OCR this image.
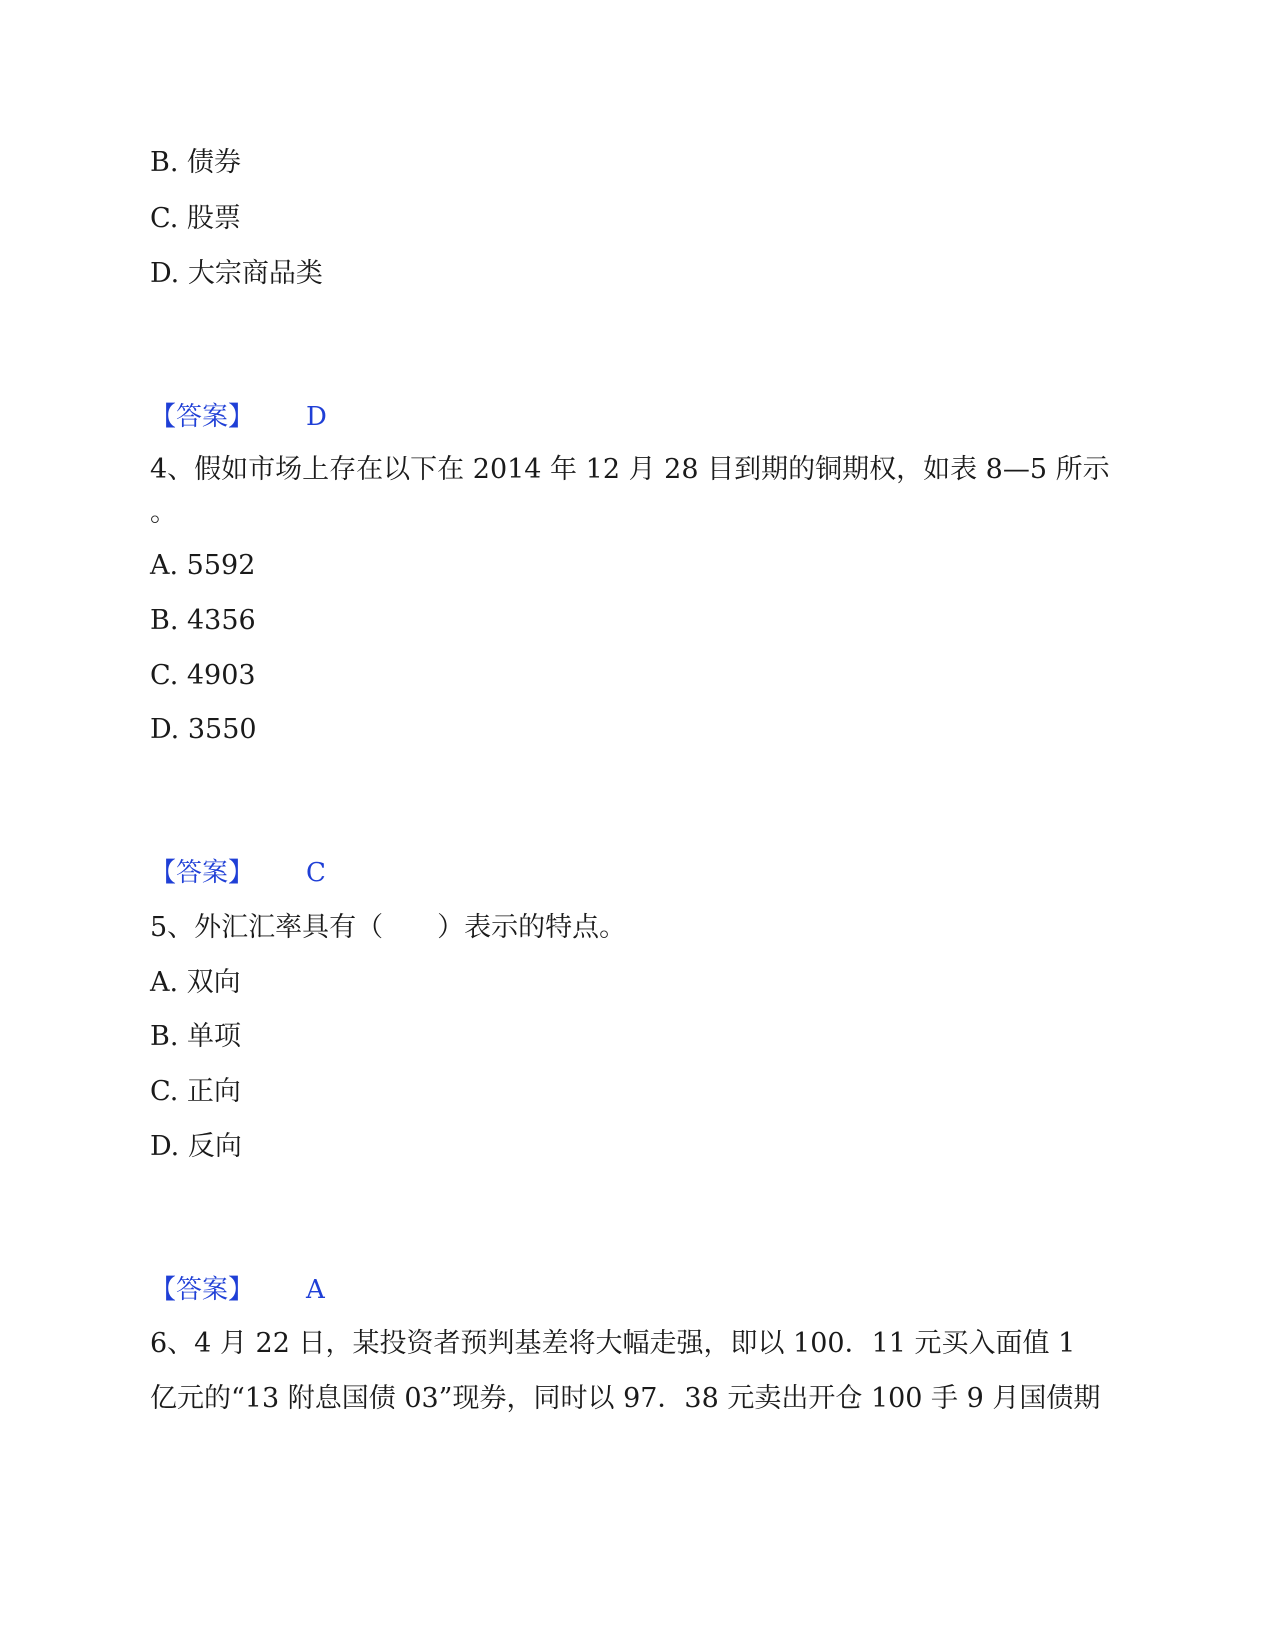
B. 债券
C. 股票
D. 大宗商品类
【答案】 D
4、假如市场上存在以下在 2014 年 12 月 28 目到期的铜期权，如表 8—5 所示
。
A. 5592
B. 4356
C. 4903
D. 3550
【答案】 C
5、外汇汇率具有（　　）表示的特点。
A. 双向
B. 单项
C. 正向
D. 反向
【答案】 A
6、4 月 22 日，某投资者预判基差将大幅走强，即以 100．11 元买入面值 1
亿元的“13 附息国债 03”现券，同时以 97．38 元卖出开仓 100 手 9 月国债期
